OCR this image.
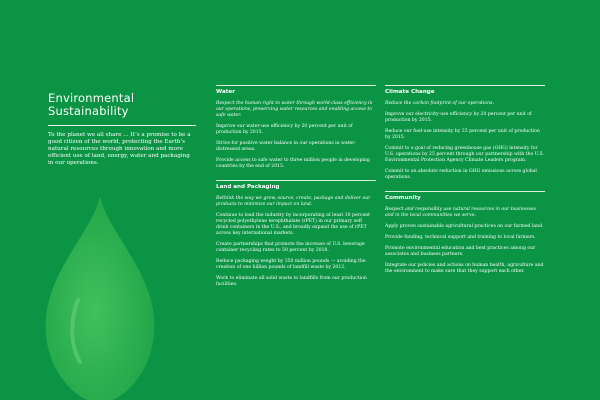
Environmental
Sustainability

To the planet we all share … It’s a promise to be a good citizen of the world, protecting the Earth’s natural resources through innovation and more efficient use of land, energy, water and packaging in our operations.

Water

Respect the human right to water through world-class efficiency in our operations, preserving water resources and enabling access to safe water.

Improve our water-use efficiency by 20 percent per unit of production by 2015.

Strive for positive water balance in our operations in water-distressed areas.

Provide access to safe water to three million people in developing countries by the end of 2015.

Land and Packaging

Rethink the way we grow, source, create, package and deliver our products to minimize our impact on land.

Continue to lead the industry by incorporating at least 10 percent recycled polyethylene terephthalate (rPET) in our primary soft drink containers in the U.S., and broadly expand the use of rPET across key international markets.

Create partnerships that promote the increase of U.S. beverage container recycling rates to 50 percent by 2018.

Reduce packaging weight by 350 million pounds — avoiding the creation of one billion pounds of landfill waste by 2012.

Work to eliminate all solid waste to landfills from our production facilities.

Climate Change

Reduce the carbon footprint of our operations.

Improve our electricity-use efficiency by 20 percent per unit of production by 2015.

Reduce our fuel-use intensity by 25 percent per unit of production by 2015.

Commit to a goal of reducing greenhouse gas (GHG) intensity for U.S. operations by 25 percent through our partnership with the U.S. Environmental Protection Agency Climate Leaders program.

Commit to an absolute reduction in GHG emissions across global operations.

Community

Respect and responsibly use natural resources in our businesses and in the local communities we serve.

Apply proven sustainable agricultural practices on our farmed land.

Provide funding, technical support and training to local farmers.

Promote environmental education and best practices among our associates and business partners.

Integrate our policies and actions on human health, agriculture and the environment to make sure that they support each other.
